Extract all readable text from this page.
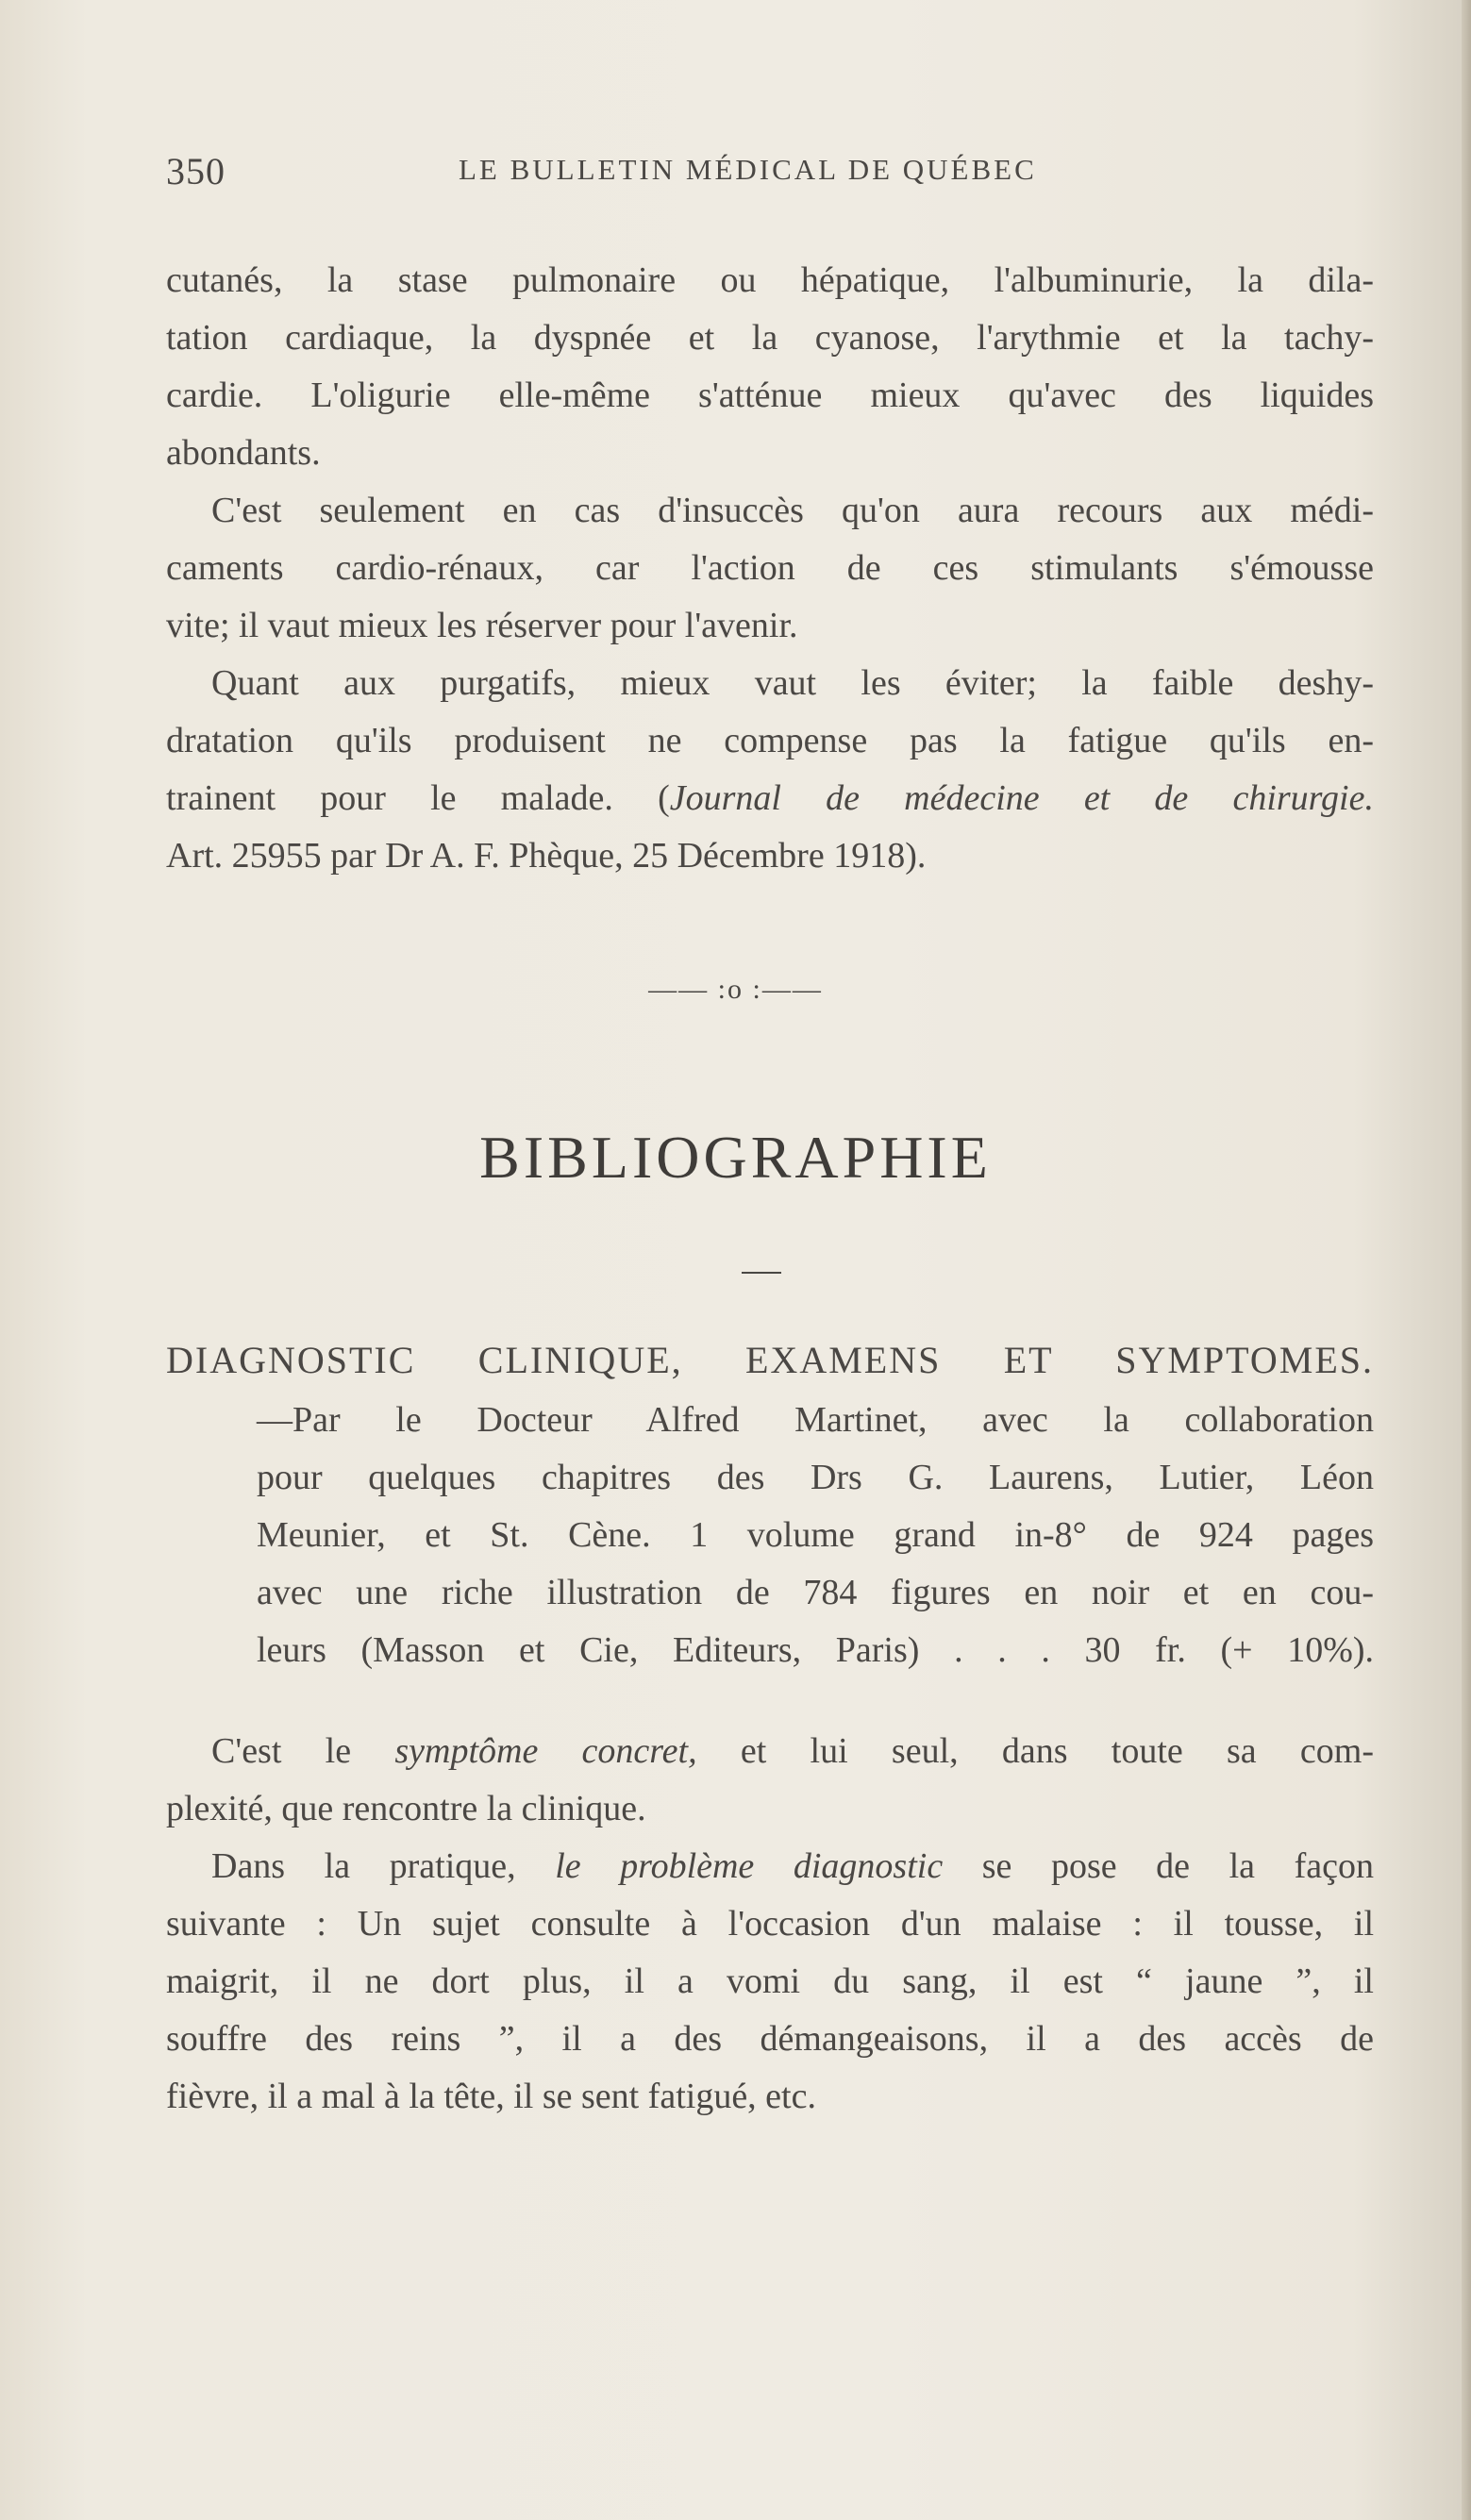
350	LE BULLETIN MÉDICAL DE QUÉBEC
cutanés, la stase pulmonaire ou hépatique, l'albuminurie, la dila-
tation cardiaque, la dyspnée et la cyanose, l'arythmie et la tachy-
cardie. L'oligurie elle-même s'atténue mieux qu'avec des liquides
abondants.
C'est seulement en cas d'insuccès qu'on aura recours aux médi-
caments cardio-rénaux, car l'action de ces stimulants s'émousse
vite; il vaut mieux les réserver pour l'avenir.
Quant aux purgatifs, mieux vaut les éviter; la faible deshy-
dratation qu'ils produisent ne compense pas la fatigue qu'ils en-
trainent pour le malade. (Journal de médecine et de chirurgie.
Art. 25955 par Dr A. F. Phèque, 25 Décembre 1918).
—— :o :——
BIBLIOGRAPHIE
DIAGNOSTIC CLINIQUE, EXAMENS ET SYMPTOMES.
—Par le Docteur Alfred Martinet, avec la collaboration
pour quelques chapitres des Drs G. Laurens, Lutier, Léon
Meunier, et St. Cène. 1 volume grand in-8° de 924 pages
avec une riche illustration de 784 figures en noir et en cou-
leurs (Masson et Cie, Editeurs, Paris) . . . 30 fr. (+ 10%).
C'est le symptôme concret, et lui seul, dans toute sa com-
plexité, que rencontre la clinique.
Dans la pratique, le problème diagnostic se pose de la façon
suivante : Un sujet consulte à l'occasion d'un malaise : il tousse, il
maigrit, il ne dort plus, il a vomi du sang, il est “ jaune ”, il
souffre des reins ”, il a des démangeaisons, il a des accès de
fièvre, il a mal à la tête, il se sent fatigué, etc.
